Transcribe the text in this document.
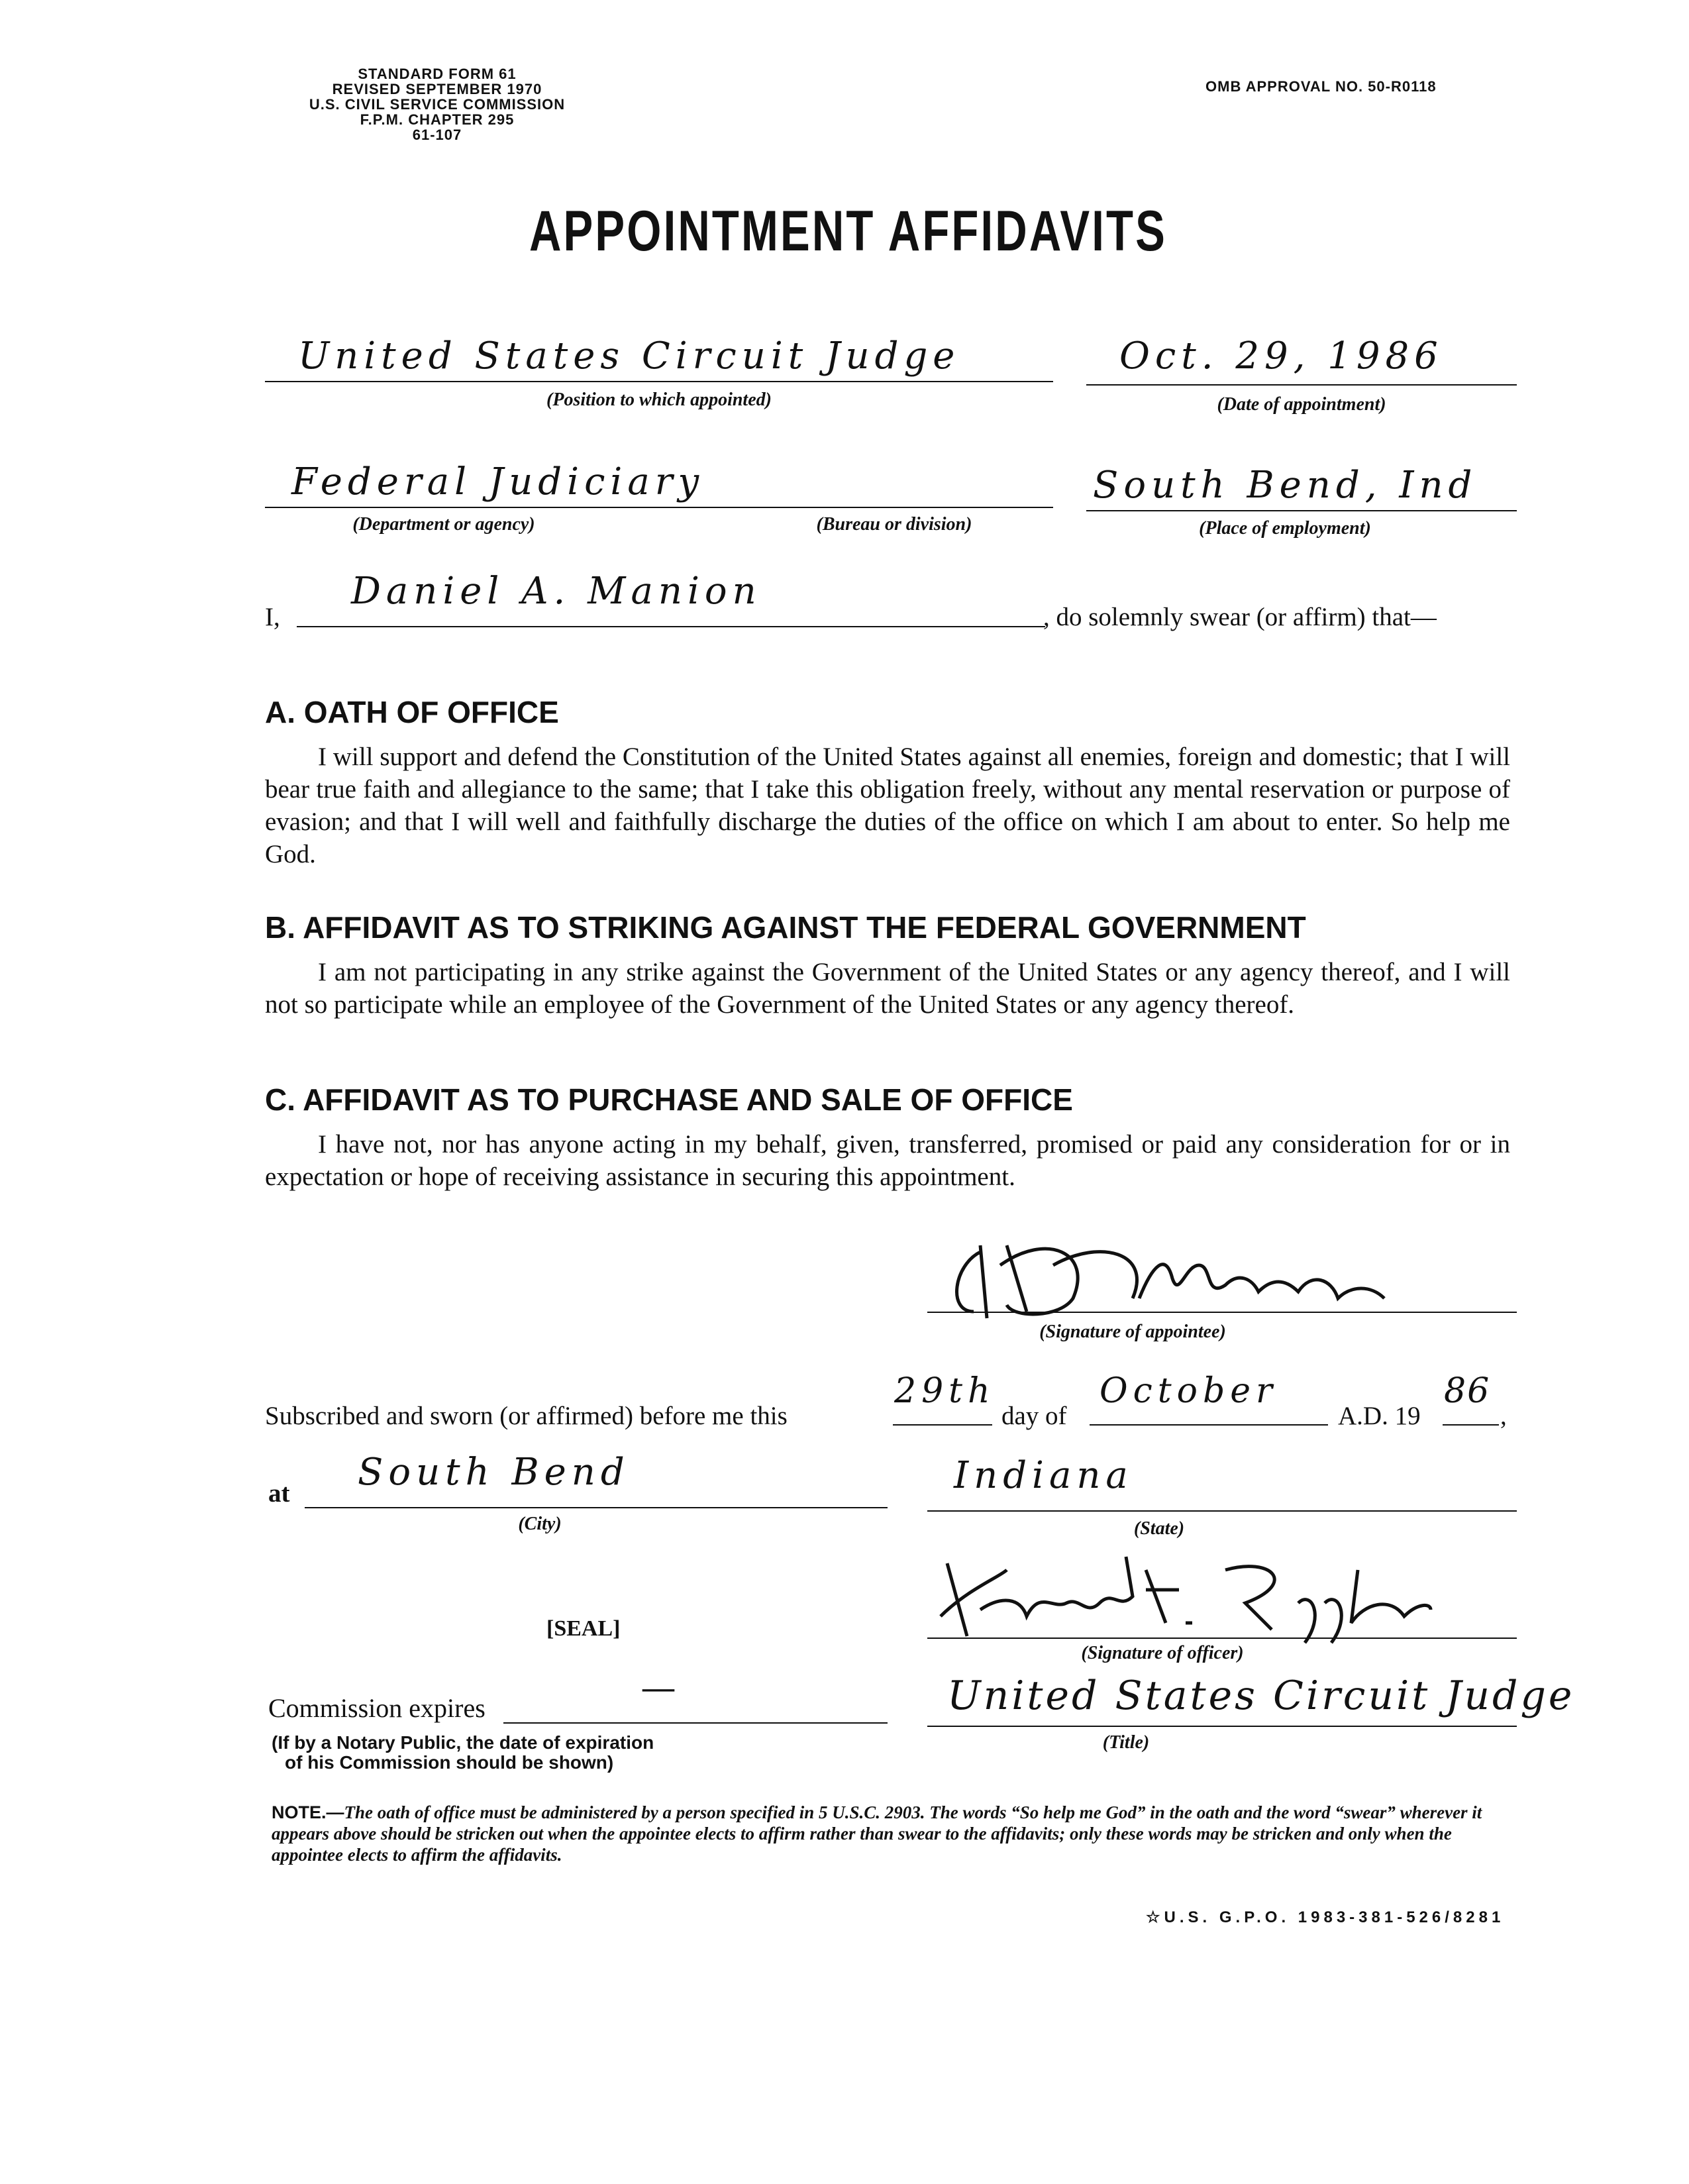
STANDARD FORM 61
REVISED SEPTEMBER 1970
U.S. CIVIL SERVICE COMMISSION
F.P.M. CHAPTER 295
61-107
OMB APPROVAL NO. 50-R0118
APPOINTMENT AFFIDAVITS
United States Circuit Judge
(Position to which appointed)
Oct. 29, 1986
(Date of appointment)
Federal Judiciary
(Department or agency)	(Bureau or division)
South Bend, Ind
(Place of employment)
I,
Daniel A. Manion
, do solemnly swear (or affirm) that—
A. OATH OF OFFICE
I will support and defend the Constitution of the United States against all enemies, foreign and domestic; that I will bear true faith and allegiance to the same; that I take this obligation freely, without any mental reservation or purpose of evasion; and that I will well and faithfully discharge the duties of the office on which I am about to enter. So help me God.
B. AFFIDAVIT AS TO STRIKING AGAINST THE FEDERAL GOVERNMENT
I am not participating in any strike against the Government of the United States or any agency thereof, and I will not so participate while an employee of the Government of the United States or any agency thereof.
C. AFFIDAVIT AS TO PURCHASE AND SALE OF OFFICE
I have not, nor has anyone acting in my behalf, given, transferred, promised or paid any consideration for or in expectation or hope of receiving assistance in securing this appointment.
(Signature of appointee)
Subscribed and sworn (or affirmed) before me this
29th
day of
October
A.D. 19
86
,
at South Bend
(City)
Indiana
(State)
[SEAL]
(Signature of officer)
Commission expires
—
(If by a Notary Public, the date of expiration
of his Commission should be shown)
United States Circuit Judge
(Title)
NOTE.—The oath of office must be administered by a person specified in 5 U.S.C. 2903. The words “So help me God” in the oath and the word “swear” wherever it appears above should be stricken out when the appointee elects to affirm rather than swear to the affidavits; only these words may be stricken and only when the appointee elects to affirm the affidavits.
☆U.S. G.P.O. 1983-381-526/8281
